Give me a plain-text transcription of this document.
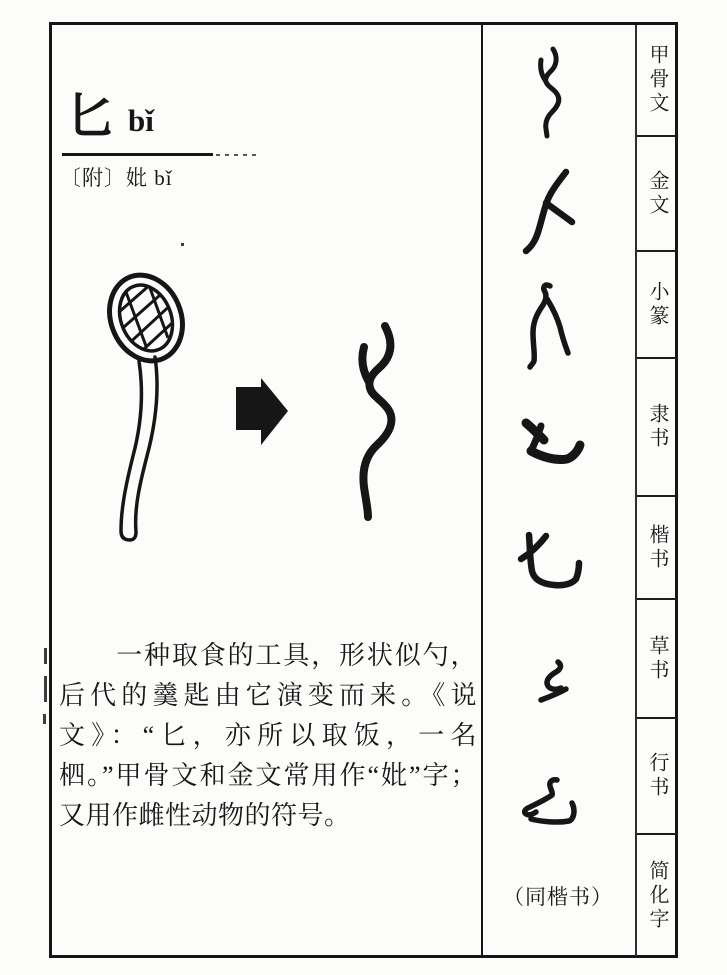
匕 bǐ
〔附〕妣 bǐ
一种取食的工具，形状似勺，后代的羹匙由它演变而来。《说文》：“匕，亦所以取饭，一名柶。”甲骨文和金文常用作“妣”字；又用作雌性动物的符号。
（同楷书）
甲骨文
金文
小篆
隶书
楷书
草书
行书
简化字
